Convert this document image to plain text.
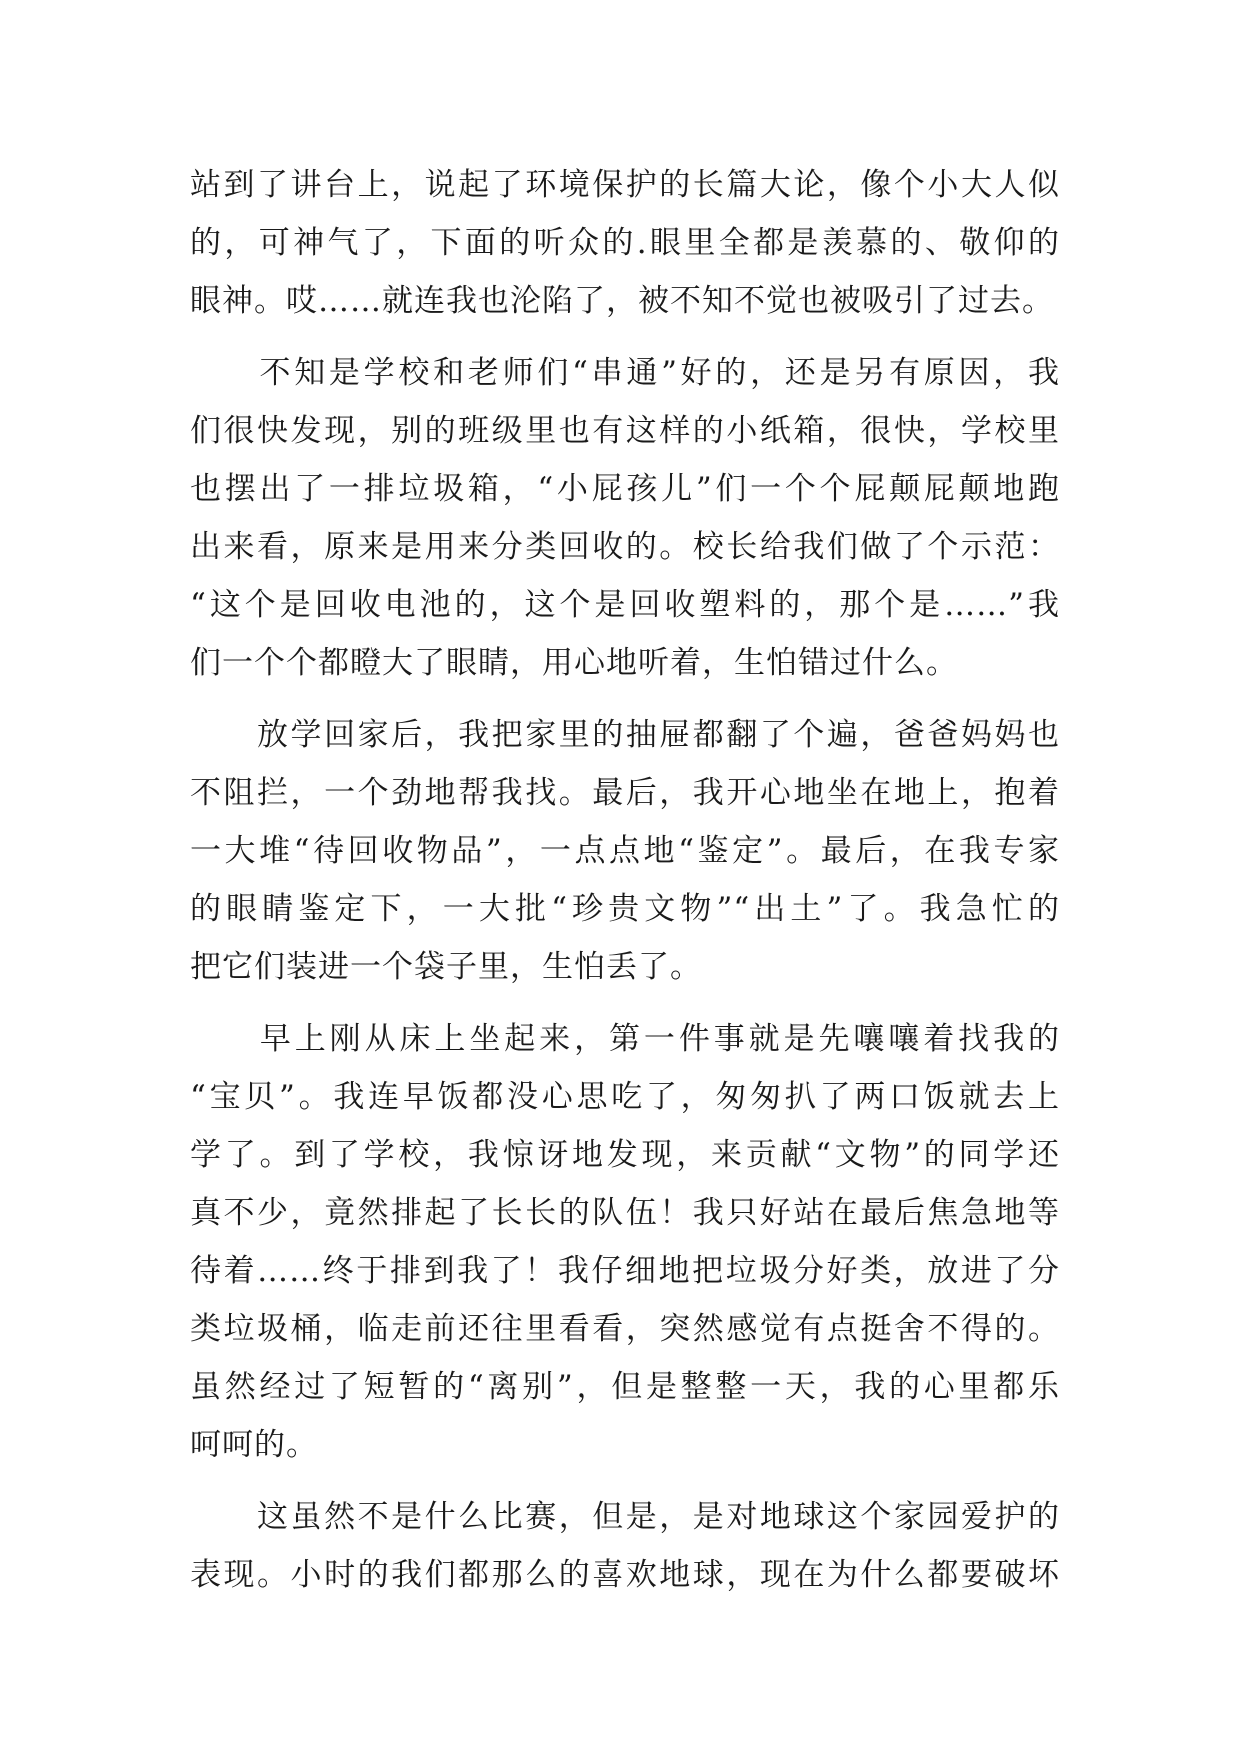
站到了讲台上，说起了环境保护的长篇大论，像个小大人似
的，可神气了，下面的听众的.眼里全都是羡慕的、敬仰的
眼神。哎……就连我也沦陷了，被不知不觉也被吸引了过去。
　　不知是学校和老师们“串通”好的，还是另有原因，我
们很快发现，别的班级里也有这样的小纸箱，很快，学校里
也摆出了一排垃圾箱，“小屁孩儿”们一个个屁颠屁颠地跑
出来看，原来是用来分类回收的。校长给我们做了个示范：
“这个是回收电池的，这个是回收塑料的，那个是……”我
们一个个都瞪大了眼睛，用心地听着，生怕错过什么。
　　放学回家后，我把家里的抽屉都翻了个遍，爸爸妈妈也
不阻拦，一个劲地帮我找。最后，我开心地坐在地上，抱着
一大堆“待回收物品”，一点点地“鉴定”。最后，在我专家
的眼睛鉴定下，一大批“珍贵文物”“出土”了。我急忙的
把它们装进一个袋子里，生怕丢了。
　　早上刚从床上坐起来，第一件事就是先嚷嚷着找我的
“宝贝”。我连早饭都没心思吃了，匆匆扒了两口饭就去上
学了。到了学校，我惊讶地发现，来贡献“文物”的同学还
真不少，竟然排起了长长的队伍！我只好站在最后焦急地等
待着……终于排到我了！我仔细地把垃圾分好类，放进了分
类垃圾桶，临走前还往里看看，突然感觉有点挺舍不得的。
虽然经过了短暂的“离别”，但是整整一天，我的心里都乐
呵呵的。
　　这虽然不是什么比赛，但是，是对地球这个家园爱护的
表现。小时的我们都那么的喜欢地球，现在为什么都要破坏
